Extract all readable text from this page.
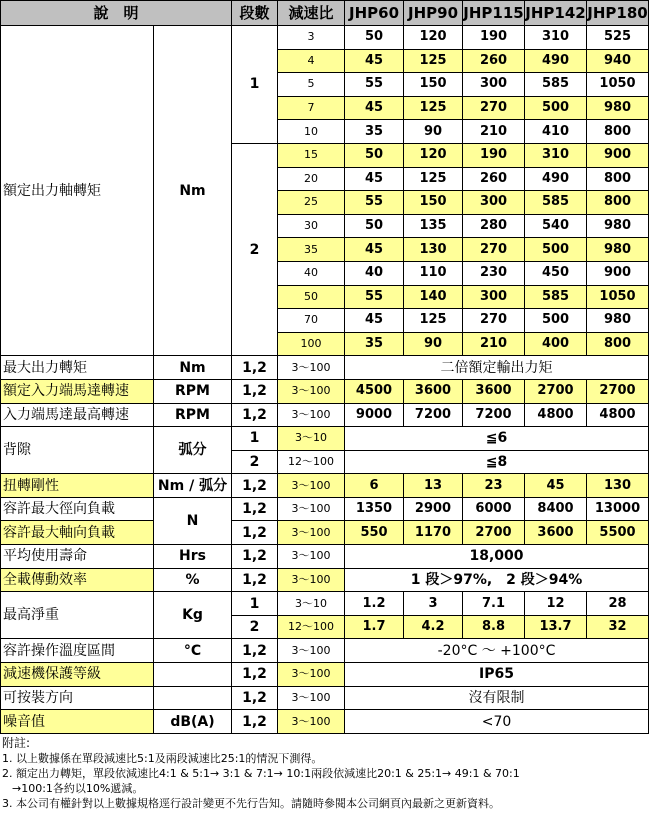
說　明		段數	減速比	JHP60	JHP90	JHP115	JHP142	JHP180
額定出力軸轉矩	Nm	1	3	50	120	190	310	525
			4	45	125	260	490	940
			5	55	150	300	585	1050
			7	45	125	270	500	980
			10	35	90	210	410	800
		2	15	50	120	190	310	900
			20	45	125	260	490	800
			25	55	150	300	585	800
			30	50	135	280	540	980
			35	45	130	270	500	980
			40	40	110	230	450	900
			50	55	140	300	585	1050
			70	45	125	270	500	980
			100	35	90	210	400	800
最大出力轉矩	Nm	1,2	3～100	二倍額定輸出力矩				
額定入力端馬達轉速	RPM	1,2	3～100	4500	3600	3600	2700	2700
入力端馬達最高轉速	RPM	1,2	3～100	9000	7200	7200	4800	4800
背隙	弧分	1	3～10	≦6				
		2	12～100	≦8				
扭轉剛性	Nm / 弧分	1,2	3～100	6	13	23	45	130
容許最大徑向負載	N	1,2	3～100	1350	2900	6000	8400	13000
容許最大軸向負載		1,2	3～100	550	1170	2700	3600	5500
平均使用壽命	Hrs	1,2	3～100	18,000				
全載傳動效率	%	1,2	3～100	1 段＞97%,　2 段＞94%				
最高淨重	Kg	1	3～10	1.2	3	7.1	12	28
		2	12～100	1.7	4.2	8.8	13.7	32
容許操作溫度區間	°C	1,2	3～100	-20°C ～ +100°C				
減速機保護等級		1,2	3～100	IP65				
可按裝方向		1,2	3～100	沒有限制				
噪音值	dB(A)	1,2	3～100	<70				
附註:
1. 以上數據係在單段減速比5:1及兩段減速比25:1的情況下測得。
2. 額定出力轉矩，單段依減速比4:1 & 5:1→ 3:1 & 7:1→ 10:1兩段依減速比20:1 & 25:1→ 49:1 & 70:1
→100:1各約以10%遞減。
3. 本公司有權針對以上數據規格逕行設計變更不先行告知。請隨時參閱本公司網頁內最新之更新資料。
